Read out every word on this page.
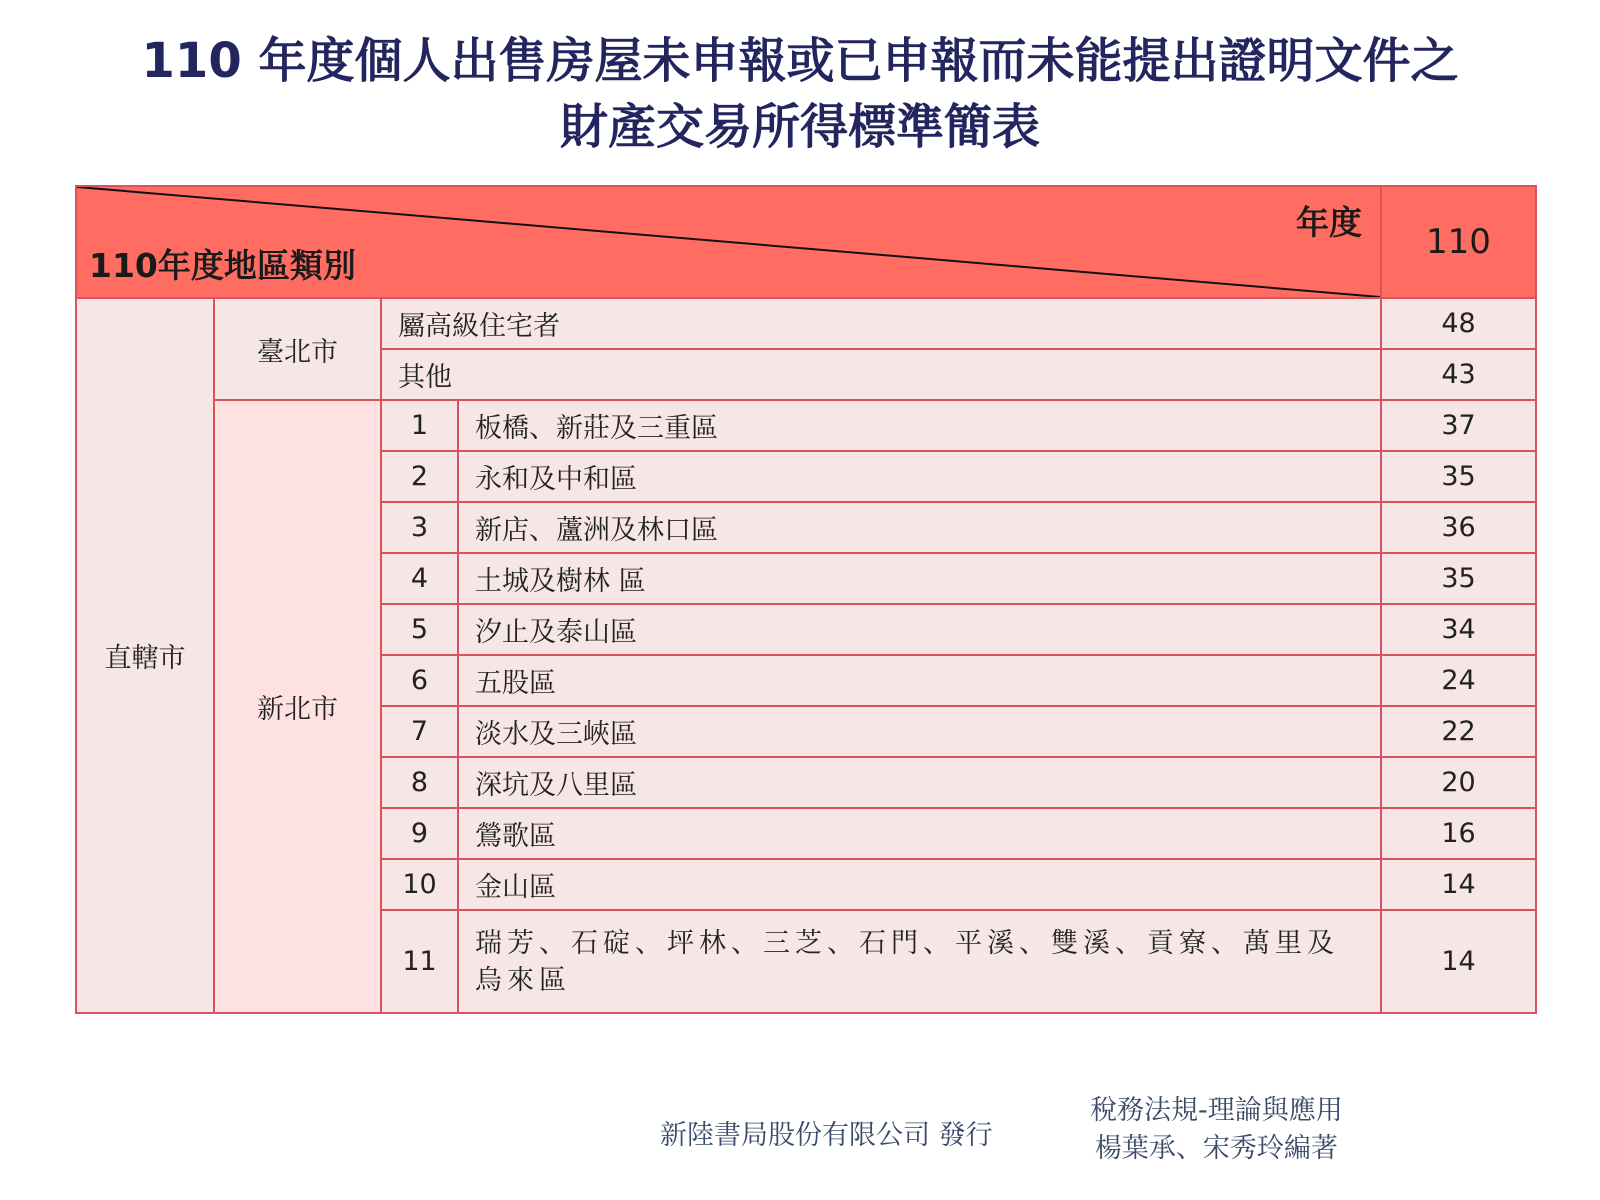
110 年度個人出售房屋未申報或已申報而未能提出證明文件之
財產交易所得標準簡表
年度
110年度地區類別				110
直轄市	臺北市	屬高級住宅者		48
		其他		43
	新北市	1	板橋、新莊及三重區	37
		2	永和及中和區	35
		3	新店、蘆洲及林口區	36
		4	土城及樹林 區	35
		5	汐止及泰山區	34
		6	五股區	24
		7	淡水及三峽區	22
		8	深坑及八里區	20
		9	鶯歌區	16
		10	金山區	14
		11	瑞芳、石碇、坪林、三芝、石門、平溪、雙溪、貢寮、萬里及烏來區	14
新陸書局股份有限公司 發行
稅務法規-理論與應用
楊葉承、宋秀玲編著
